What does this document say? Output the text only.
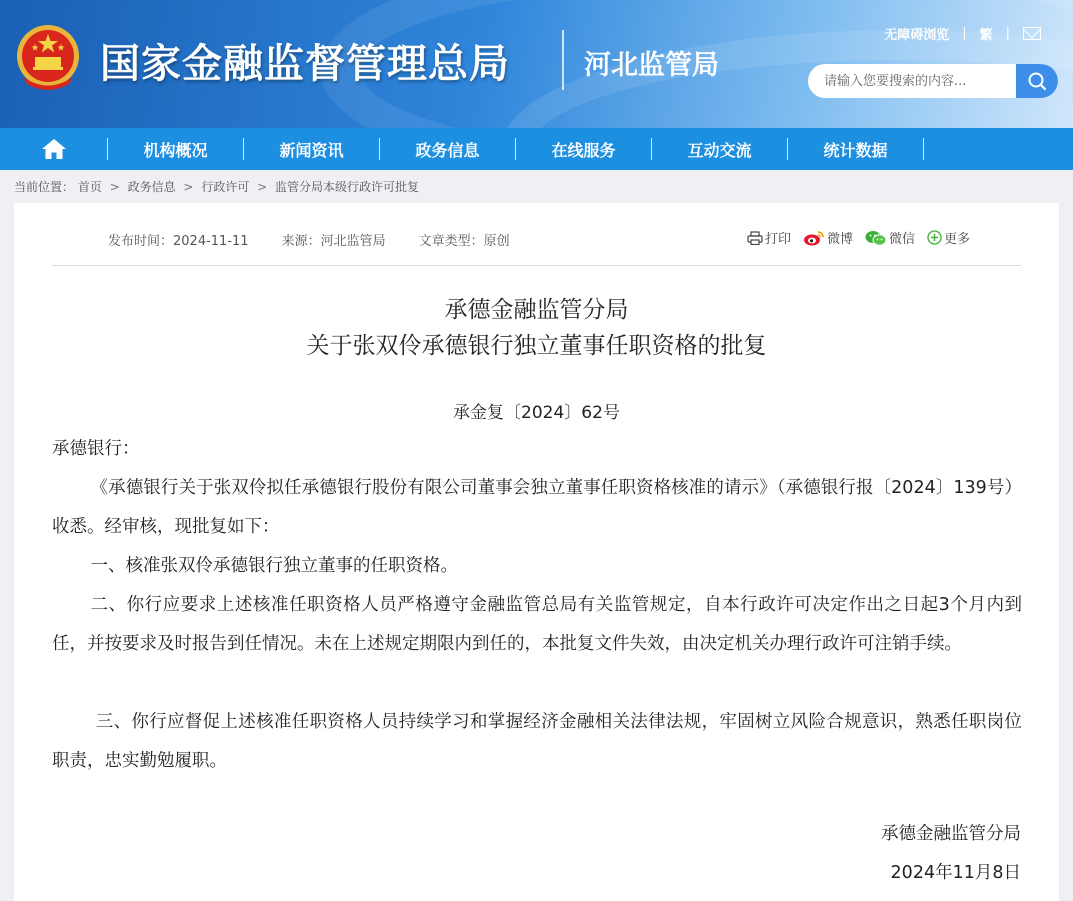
国家金融监督管理总局	河北监管局
无障碍浏览 | 繁 |
请输入您要搜索的内容...
机构概况	新闻资讯	政务信息	在线服务	互动交流	统计数据
当前位置： 首页 > 政务信息 > 行政许可 > 监管分局本级行政许可批复
发布时间：2024-11-11	来源：河北监管局	文章类型：原创	打印	微博	微信 更多
承德金融监管分局
关于张双伶承德银行独立董事任职资格的批复
承金复〔2024〕62号
承德银行：
《承德银行关于张双伶拟任承德银行股份有限公司董事会独立董事任职资格核准的请示》（承德银行报〔2024〕139号）收悉。经审核，现批复如下：
一、核准张双伶承德银行独立董事的任职资格。
二、你行应要求上述核准任职资格人员严格遵守金融监管总局有关监管规定，自本行政许可决定作出之日起3个月内到任，并按要求及时报告到任情况。未在上述规定期限内到任的，本批复文件失效，由决定机关办理行政许可注销手续。
三、你行应督促上述核准任职资格人员持续学习和掌握经济金融相关法律法规，牢固树立风险合规意识，熟悉任职岗位职责，忠实勤勉履职。
承德金融监管分局
2024年11月8日
